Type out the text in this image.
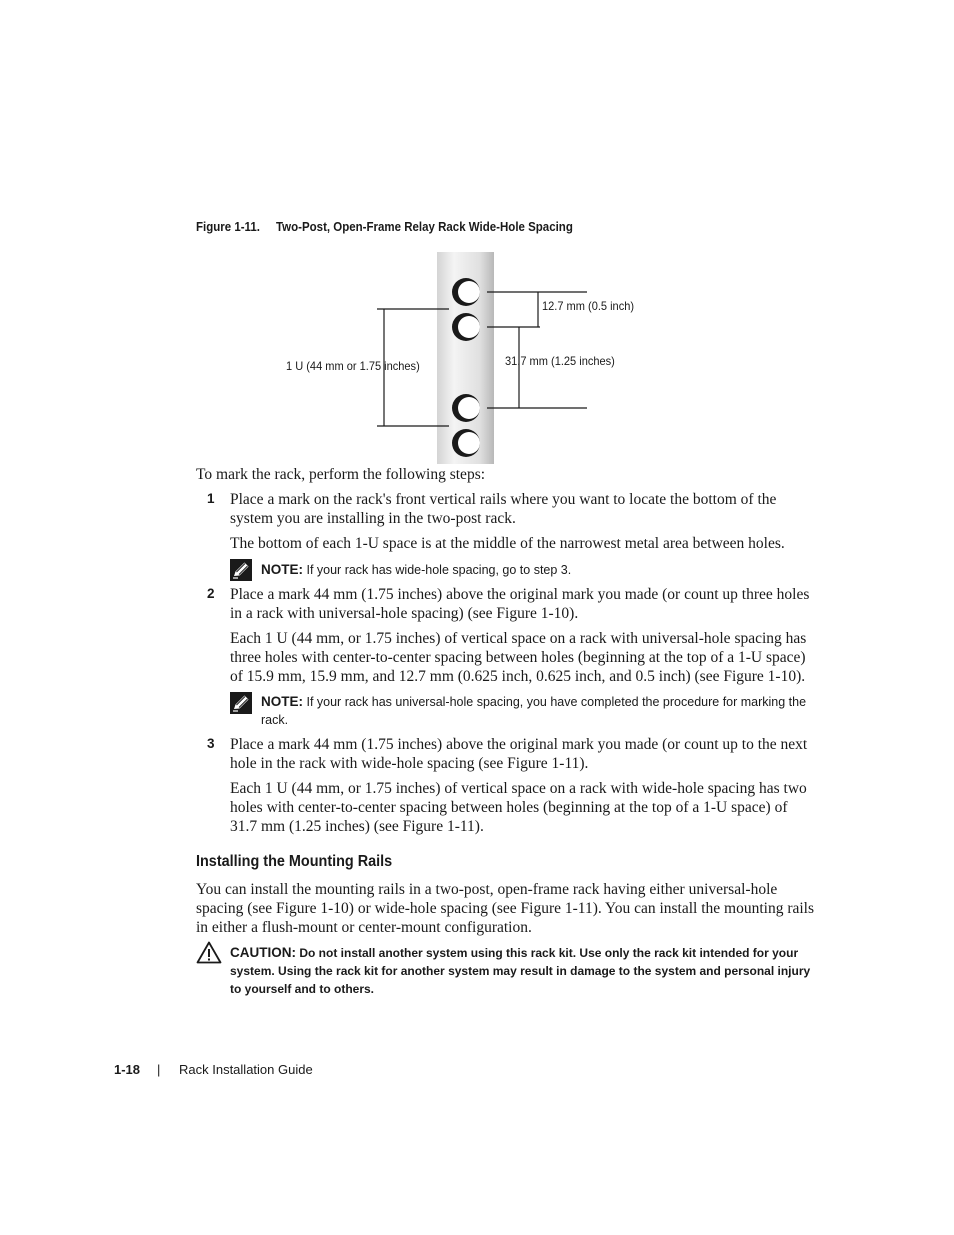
Figure 1-11. Two-Post, Open-Frame Relay Rack Wide-Hole Spacing
1 U (44 mm or 1.75 inches)
12.7 mm (0.5 inch)
31.7 mm (1.25 inches)
To mark the rack, perform the following steps:
1 Place a mark on the rack's front vertical rails where you want to locate the bottom of the system you are installing in the two-post rack.
The bottom of each 1-U space is at the middle of the narrowest metal area between holes.
NOTE: If your rack has wide-hole spacing, go to step 3.
2 Place a mark 44 mm (1.75 inches) above the original mark you made (or count up three holes in a rack with universal-hole spacing) (see Figure 1-10).
Each 1 U (44 mm, or 1.75 inches) of vertical space on a rack with universal-hole spacing has three holes with center-to-center spacing between holes (beginning at the top of a 1-U space) of 15.9 mm, 15.9 mm, and 12.7 mm (0.625 inch, 0.625 inch, and 0.5 inch) (see Figure 1-10).
NOTE: If your rack has universal-hole spacing, you have completed the procedure for marking the rack.
3 Place a mark 44 mm (1.75 inches) above the original mark you made (or count up to the next hole in the rack with wide-hole spacing (see Figure 1-11).
Each 1 U (44 mm, or 1.75 inches) of vertical space on a rack with wide-hole spacing has two holes with center-to-center spacing between holes (beginning at the top of a 1-U space) of 31.7 mm (1.25 inches) (see Figure 1-11).
Installing the Mounting Rails
You can install the mounting rails in a two-post, open-frame rack having either universal-hole spacing (see Figure 1-10) or wide-hole spacing (see Figure 1-11). You can install the mounting rails in either a flush-mount or center-mount configuration.
CAUTION: Do not install another system using this rack kit. Use only the rack kit intended for your system. Using the rack kit for another system may result in damage to the system and personal injury to yourself and to others.
1-18 | Rack Installation Guide
